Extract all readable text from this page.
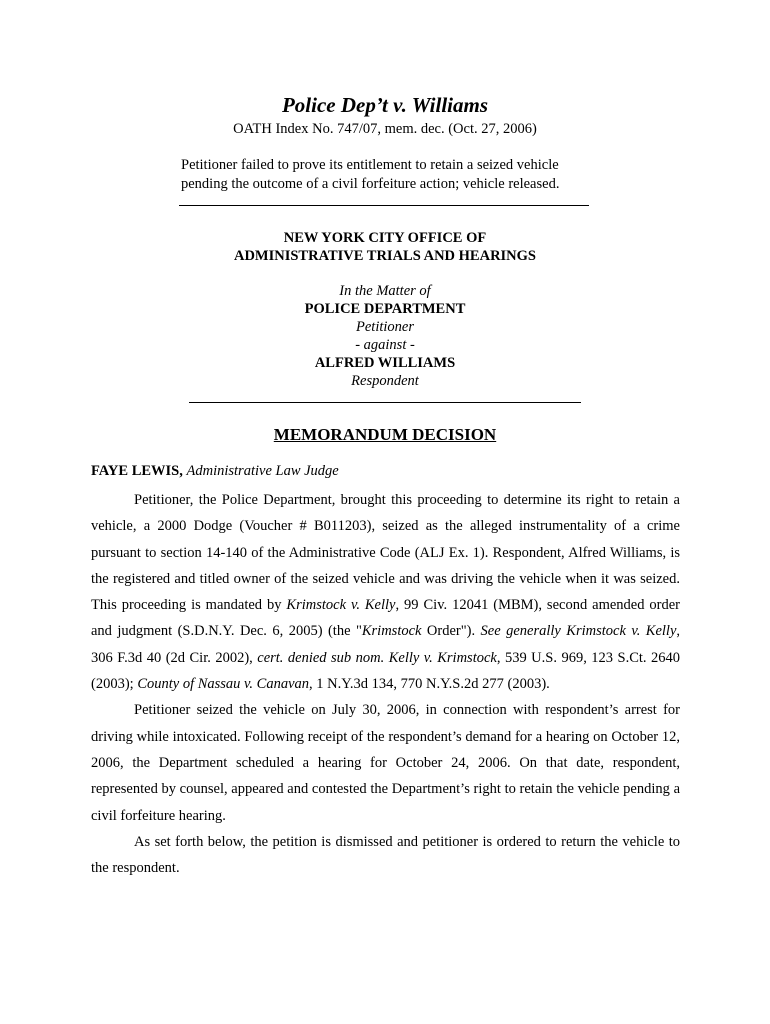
Police Dep’t v. Williams
OATH Index No. 747/07, mem. dec. (Oct. 27, 2006)
Petitioner failed to prove its entitlement to retain a seized vehicle pending the outcome of a civil forfeiture action; vehicle released.
NEW YORK CITY OFFICE OF
ADMINISTRATIVE TRIALS AND HEARINGS
In the Matter of
POLICE DEPARTMENT
Petitioner
- against -
ALFRED WILLIAMS
Respondent
MEMORANDUM DECISION
FAYE LEWIS, Administrative Law Judge

Petitioner, the Police Department, brought this proceeding to determine its right to retain a vehicle, a 2000 Dodge (Voucher # B011203), seized as the alleged instrumentality of a crime pursuant to section 14-140 of the Administrative Code (ALJ Ex. 1). Respondent, Alfred Williams, is the registered and titled owner of the seized vehicle and was driving the vehicle when it was seized. This proceeding is mandated by Krimstock v. Kelly, 99 Civ. 12041 (MBM), second amended order and judgment (S.D.N.Y. Dec. 6, 2005) (the "Krimstock Order"). See generally Krimstock v. Kelly, 306 F.3d 40 (2d Cir. 2002), cert. denied sub nom. Kelly v. Krimstock, 539 U.S. 969, 123 S.Ct. 2640 (2003); County of Nassau v. Canavan, 1 N.Y.3d 134, 770 N.Y.S.2d 277 (2003).

Petitioner seized the vehicle on July 30, 2006, in connection with respondent’s arrest for driving while intoxicated. Following receipt of the respondent’s demand for a hearing on October 12, 2006, the Department scheduled a hearing for October 24, 2006. On that date, respondent, represented by counsel, appeared and contested the Department’s right to retain the vehicle pending a civil forfeiture hearing.

As set forth below, the petition is dismissed and petitioner is ordered to return the vehicle to the respondent.
